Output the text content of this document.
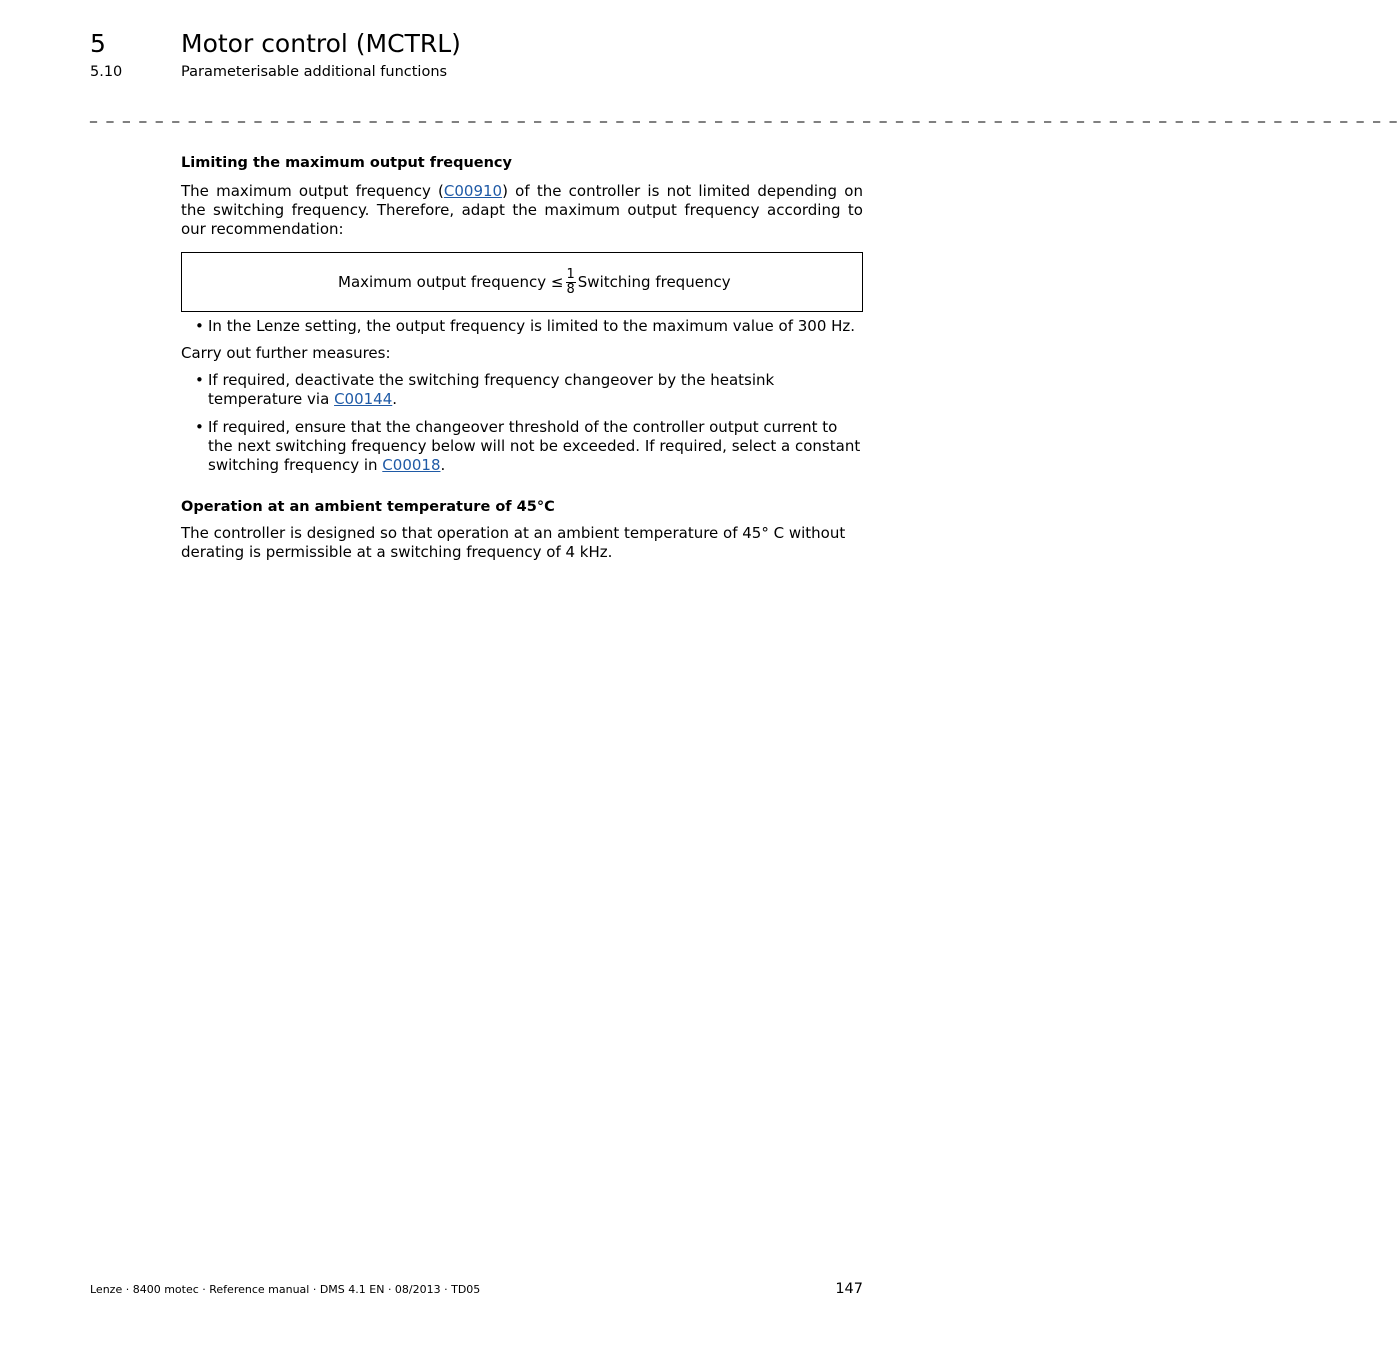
5	Motor control (MCTRL)
5.10	Parameterisable additional functions
_ _ _ _ _ _ _ _ _ _ _ _ _ _ _ _ _ _ _ _ _ _ _ _ _ _ _ _ _ _ _ _ _ _ _ _ _ _ _ _ _ _ _ _ _ _ _ _ _ _ _ _ _ _ _ _ _ _ _ _ _ _ _ _ _ _ _ _ _ _ _ _ _ _ _ _ _ _ _ _
Limiting the maximum output frequency

The maximum output frequency (C00910) of the controller is not limited depending on the switching frequency. Therefore, adapt the maximum output frequency according to our recommendation:

Maximum output frequency ≤ $\frac{1}{8}$ Switching frequency
• In the Lenze setting, the output frequency is limited to the maximum value of 300 Hz.

Carry out further measures:

• If required, deactivate the switching frequency changeover by the heatsink temperature via C00144.
• If required, ensure that the changeover threshold of the controller output current to the next switching frequency below will not be exceeded. If required, select a constant switching frequency in C00018.
Operation at an ambient temperature of 45°C

The controller is designed so that operation at an ambient temperature of 45° C without derating is permissible at a switching frequency of 4 kHz.

Lenze · 8400 motec · Reference manual · DMS 4.1 EN · 08/2013 · TD05	147
